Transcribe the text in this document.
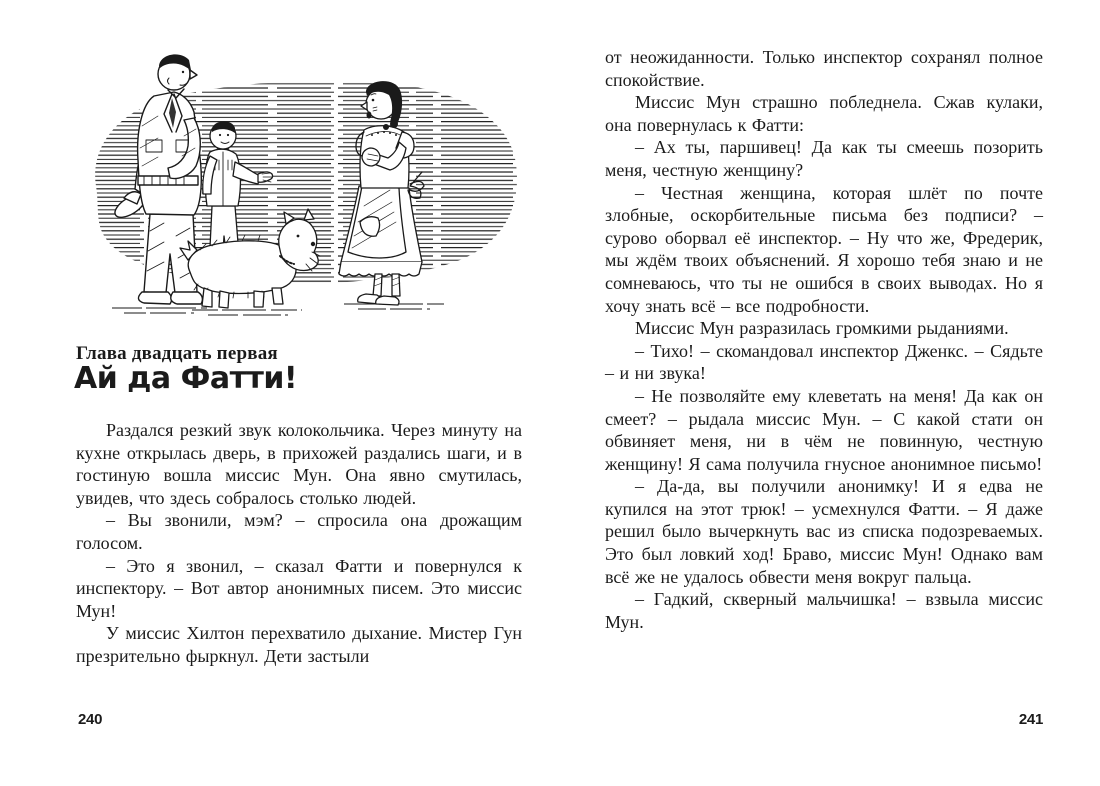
Глава двадцать первая
Ай да Фатти!

Раздался резкий звук колокольчика. Через минуту на кухне открылась дверь, в прихожей раздались шаги, и в гостиную вошла миссис Мун. Она явно смутилась, увидев, что здесь собралось столько людей.

– Вы звонили, мэм? – спросила она дрожащим голосом.

– Это я звонил, – сказал Фатти и повернулся к инспектору. – Вот автор анонимных писем. Это миссис Мун!

У миссис Хилтон перехватило дыхание. Мистер Гун презрительно фыркнул. Дети застыли

240

от неожиданности. Только инспектор сохранял полное спокойствие.

Миссис Мун страшно побледнела. Сжав кулаки, она повернулась к Фатти:

– Ах ты, паршивец! Да как ты смеешь позорить меня, честную женщину?

– Честная женщина, которая шлёт по почте злобные, оскорбительные письма без подписи? – сурово оборвал её инспектор. – Ну что же, Фредерик, мы ждём твоих объяснений. Я хорошо тебя знаю и не сомневаюсь, что ты не ошибся в своих выводах. Но я хочу знать всё – все подробности.

Миссис Мун разразилась громкими рыданиями.

– Тихо! – скомандовал инспектор Дженкс. – Сядьте – и ни звука!

– Не позволяйте ему клеветать на меня! Да как он смеет? – рыдала миссис Мун. – С какой стати он обвиняет меня, ни в чём не повинную, честную женщину! Я сама получила гнусное анонимное письмо!

– Да-да, вы получили анонимку! И я едва не купился на этот трюк! – усмехнулся Фатти. – Я даже решил было вычеркнуть вас из списка подозреваемых. Это был ловкий ход! Браво, миссис Мун! Однако вам всё же не удалось обвести меня вокруг пальца.

– Гадкий, скверный мальчишка! – взвыла миссис Мун.

241
